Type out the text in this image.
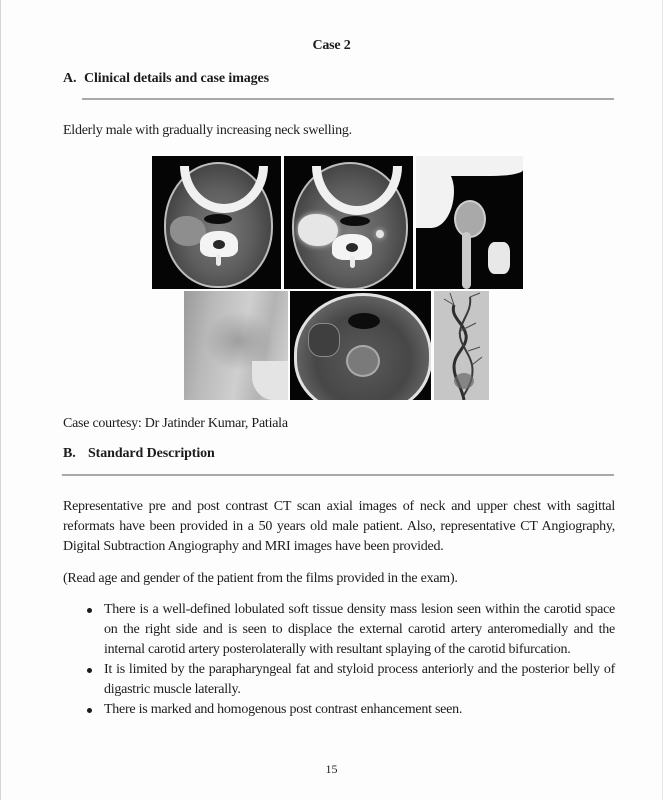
Case 2
A. Clinical details and case images
Elderly male with gradually increasing neck swelling.
Case courtesy: Dr Jatinder Kumar, Patiala
B. Standard Description
Representative pre and post contrast CT scan axial images of neck and upper chest with sagittal reformats have been provided in a 50 years old male patient. Also, representative CT Angiography, Digital Subtraction Angiography and MRI images have been provided.
(Read age and gender of the patient from the films provided in the exam).
There is a well-defined lobulated soft tissue density mass lesion seen within the carotid space on the right side and is seen to displace the external carotid artery anteromedially and the internal carotid artery posterolaterally with resultant splaying of the carotid bifurcation.
It is limited by the parapharyngeal fat and styloid process anteriorly and the posterior belly of digastric muscle laterally.
There is marked and homogenous post contrast enhancement seen.
15
